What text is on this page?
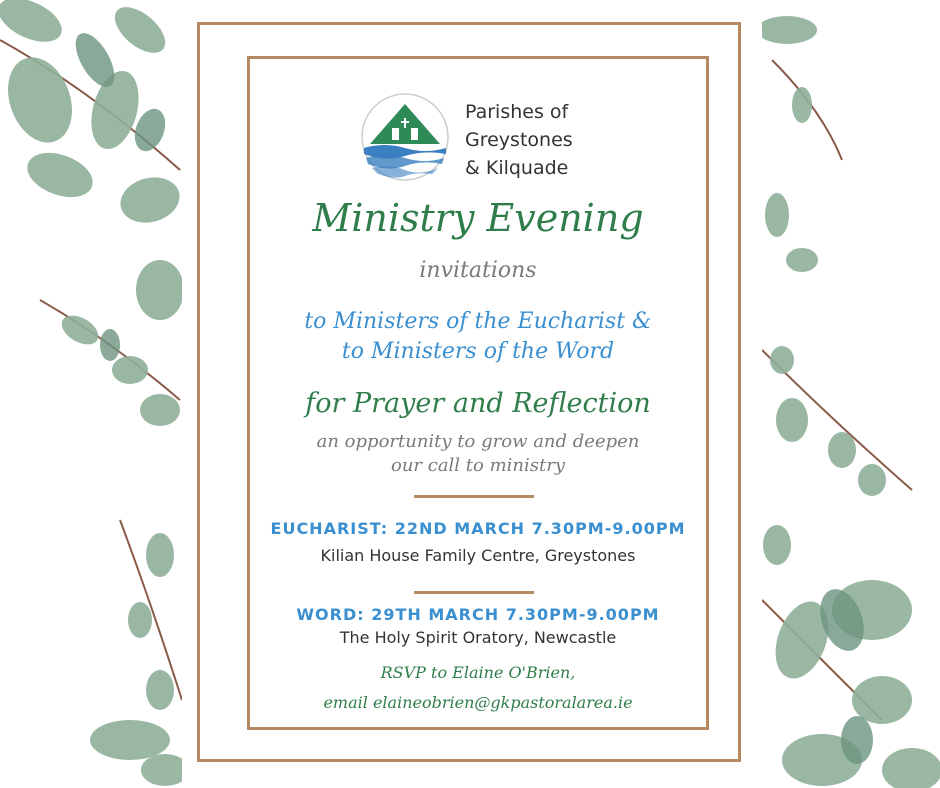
Parishes of
Greystones
& Kilquade
Ministry Evening
invitations
to Ministers of the Eucharist &
to Ministers of the Word
for Prayer and Reflection
an opportunity to grow and deepen
our call to ministry
EUCHARIST: 22ND MARCH 7.30PM-9.00PM
Kilian House Family Centre, Greystones
WORD: 29TH MARCH 7.30PM-9.00PM
The Holy Spirit Oratory, Newcastle
RSVP to Elaine O'Brien,
email elaineobrien@gkpastoralarea.ie
